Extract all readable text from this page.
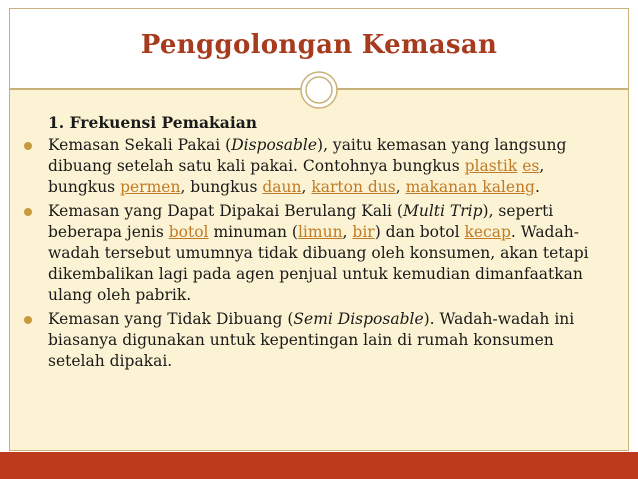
Penggolongan Kemasan
1. Frekuensi Pemakaian
Kemasan Sekali Pakai (Disposable), yaitu kemasan yang langsung dibuang setelah satu kali pakai. Contohnya bungkus plastik es, bungkus permen, bungkus daun, karton dus, makanan kaleng.
Kemasan yang Dapat Dipakai Berulang Kali (Multi Trip), seperti beberapa jenis botol minuman (limun, bir) dan botol kecap. Wadah-wadah tersebut umumnya tidak dibuang oleh konsumen, akan tetapi dikembalikan lagi pada agen penjual untuk kemudian dimanfaatkan ulang oleh pabrik.
Kemasan yang Tidak Dibuang (Semi Disposable). Wadah-wadah ini biasanya digunakan untuk kepentingan lain di rumah konsumen setelah dipakai.
